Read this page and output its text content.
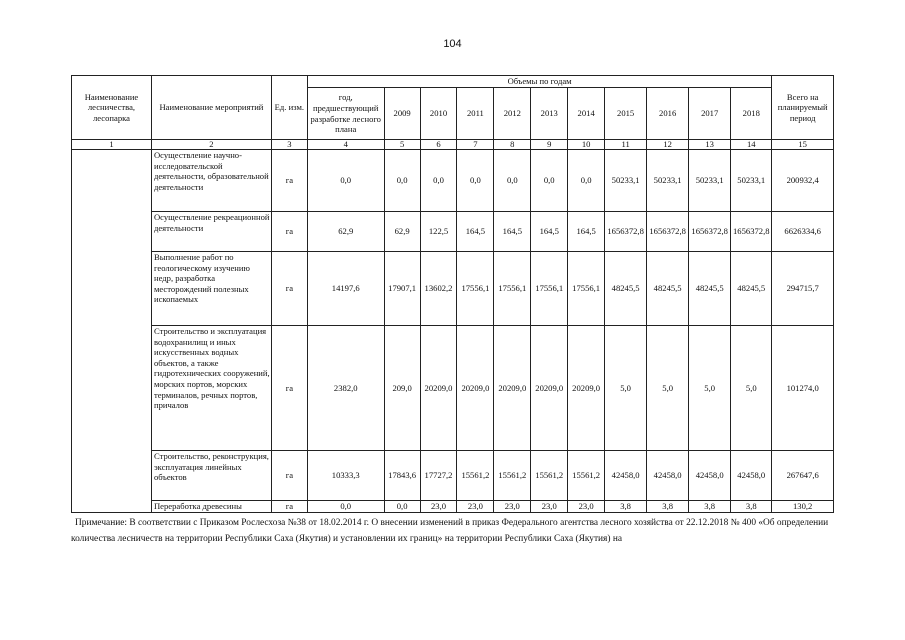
104
Наименование лесничества, лесопарка	Наименование мероприятий	Ед. изм.	Объемы по годам											Всего на планируемый период
			год, предшествующий разработке лесного плана	2009	2010	2011	2012	2013	2014	2015	2016	2017	2018	
1	2	3	4	5	6	7	8	9	10	11	12	13	14	15
	Осуществление научно-исследовательской деятельности, образовательной деятельности	га	0,0	0,0	0,0	0,0	0,0	0,0	0,0	50233,1	50233,1	50233,1	50233,1	200932,4
	Осуществление рекреационной деятельности	га	62,9	62,9	122,5	164,5	164,5	164,5	164,5	1656372,8	1656372,8	1656372,8	1656372,8	6626334,6
	Выполнение работ по геологическому изучению недр, разработка месторождений полезных ископаемых	га	14197,6	17907,1	13602,2	17556,1	17556,1	17556,1	17556,1	48245,5	48245,5	48245,5	48245,5	294715,7
	Строительство и эксплуатация водохранилищ и иных искусственных водных объектов, а также гидротехнических сооружений, морских портов, морских терминалов, речных портов, причалов	га	2382,0	209,0	20209,0	20209,0	20209,0	20209,0	20209,0	5,0	5,0	5,0	5,0	101274,0
	Строительство, реконструкция, эксплуатация линейных объектов	га	10333,3	17843,6	17727,2	15561,2	15561,2	15561,2	15561,2	42458,0	42458,0	42458,0	42458,0	267647,6
	Переработка древесины	га	0,0	0,0	23,0	23,0	23,0	23,0	23,0	3,8	3,8	3,8	3,8	130,2
Примечание: В соответствии с Приказом Рослесхоза №38 от 18.02.2014 г. О внесении изменений в приказ Федерального агентства лесного хозяйства от 22.12.2018 № 400 «Об определении количества лесничеств на территории Республики Саха (Якутия) и установлении их границ» на территории Республики Саха (Якутия) на
